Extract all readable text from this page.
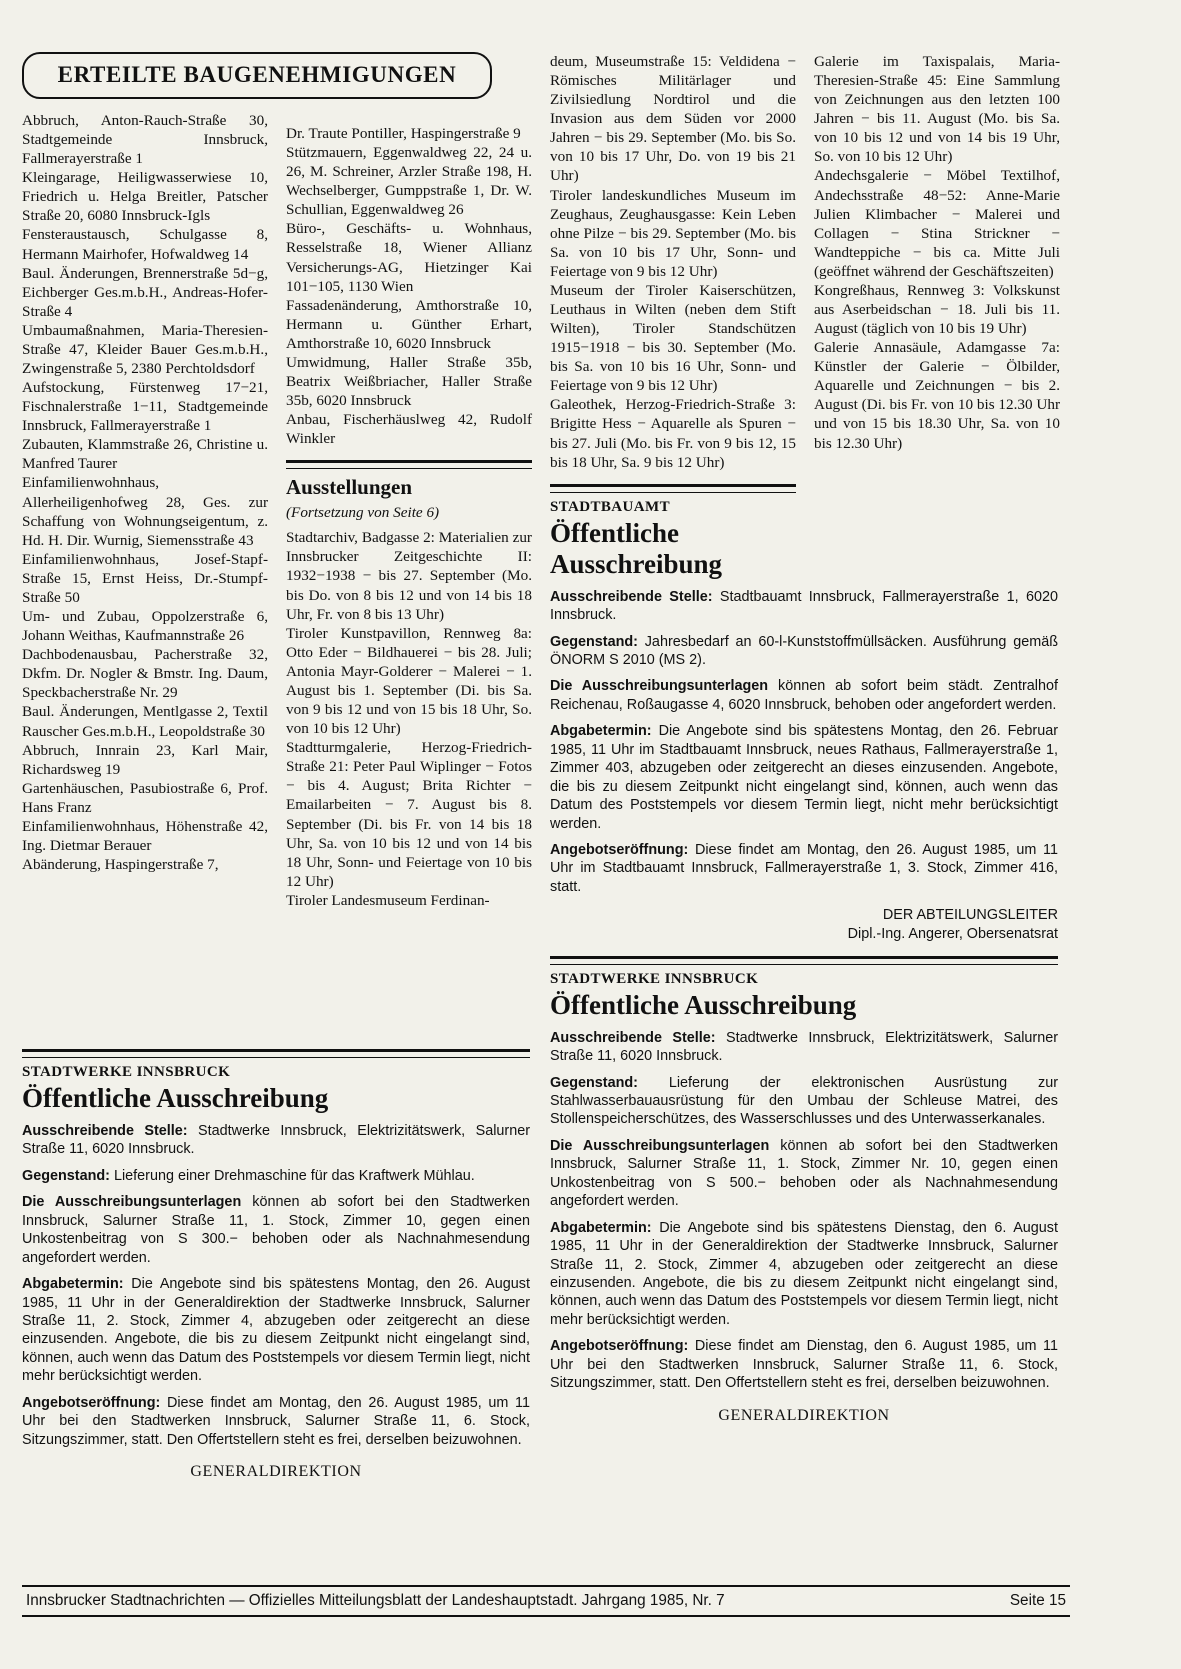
ERTEILTE BAUGENEHMIGUNGEN

Abbruch, Anton-Rauch-Straße 30, Stadtgemeinde Innsbruck, Fallmerayerstraße 1

Kleingarage, Heiligwasserwiese 10, Friedrich u. Helga Breitler, Patscher Straße 20, 6080 Innsbruck-Igls

Fensteraustausch, Schulgasse 8, Hermann Mairhofer, Hofwaldweg 14

Baul. Änderungen, Brennerstraße 5d−g, Eichberger Ges.m.b.H., Andreas-Hofer-Straße 4

Umbaumaßnahmen, Maria-Theresien-Straße 47, Kleider Bauer Ges.m.b.H., Zwingenstraße 5, 2380 Perchtoldsdorf

Aufstockung, Fürstenweg 17−21, Fischnalerstraße 1−11, Stadtgemeinde Innsbruck, Fallmerayerstraße 1

Zubauten, Klammstraße 26, Christine u. Manfred Taurer

Einfamilienwohnhaus, Allerheiligenhofweg 28, Ges. zur Schaffung von Wohnungseigentum, z. Hd. H. Dir. Wurnig, Siemensstraße 43

Einfamilienwohnhaus, Josef-Stapf-Straße 15, Ernst Heiss, Dr.-Stumpf-Straße 50

Um- und Zubau, Oppolzerstraße 6, Johann Weithas, Kaufmannstraße 26

Dachbodenausbau, Pacherstraße 32, Dkfm. Dr. Nogler & Bmstr. Ing. Daum, Speckbacherstraße Nr. 29

Baul. Änderungen, Mentlgasse 2, Textil Rauscher Ges.m.b.H., Leopoldstraße 30

Abbruch, Innrain 23, Karl Mair, Richardsweg 19

Gartenhäuschen, Pasubiostraße 6, Prof. Hans Franz

Einfamilienwohnhaus, Höhenstraße 42, Ing. Dietmar Berauer

Abänderung, Haspingerstraße 7,

Dr. Traute Pontiller, Haspingerstraße 9

Stützmauern, Eggenwaldweg 22, 24 u. 26, M. Schreiner, Arzler Straße 198, H. Wechselberger, Gumppstraße 1, Dr. W. Schullian, Eggenwaldweg 26

Büro-, Geschäfts- u. Wohnhaus, Resselstraße 18, Wiener Allianz Versicherungs-AG, Hietzinger Kai 101−105, 1130 Wien

Fassadenänderung, Amthorstraße 10, Hermann u. Günther Erhart, Amthorstraße 10, 6020 Innsbruck

Umwidmung, Haller Straße 35b, Beatrix Weißbriacher, Haller Straße 35b, 6020 Innsbruck

Anbau, Fischerhäuslweg 42, Rudolf Winkler

Ausstellungen
(Fortsetzung von Seite 6)

Stadtarchiv, Badgasse 2: Materialien zur Innsbrucker Zeitgeschichte II: 1932−1938 − bis 27. September (Mo. bis Do. von 8 bis 12 und von 14 bis 18 Uhr, Fr. von 8 bis 13 Uhr)

Tiroler Kunstpavillon, Rennweg 8a: Otto Eder − Bildhauerei − bis 28. Juli; Antonia Mayr-Golderer − Malerei − 1. August bis 1. September (Di. bis Sa. von 9 bis 12 und von 15 bis 18 Uhr, So. von 10 bis 12 Uhr)

Stadtturmgalerie, Herzog-Friedrich-Straße 21: Peter Paul Wiplinger − Fotos − bis 4. August; Brita Richter − Emailarbeiten − 7. August bis 8. September (Di. bis Fr. von 14 bis 18 Uhr, Sa. von 10 bis 12 und von 14 bis 18 Uhr, Sonn- und Feiertage von 10 bis 12 Uhr)

Tiroler Landesmuseum Ferdinan-

deum, Museumstraße 15: Veldidena − Römisches Militärlager und Zivilsiedlung Nordtirol und die Invasion aus dem Süden vor 2000 Jahren − bis 29. September (Mo. bis So. von 10 bis 17 Uhr, Do. von 19 bis 21 Uhr)

Tiroler landeskundliches Museum im Zeughaus, Zeughausgasse: Kein Leben ohne Pilze − bis 29. September (Mo. bis Sa. von 10 bis 17 Uhr, Sonn- und Feiertage von 9 bis 12 Uhr)

Museum der Tiroler Kaiserschützen, Leuthaus in Wilten (neben dem Stift Wilten), Tiroler Standschützen 1915−1918 − bis 30. September (Mo. bis Sa. von 10 bis 16 Uhr, Sonn- und Feiertage von 9 bis 12 Uhr)

Galeothek, Herzog-Friedrich-Straße 3: Brigitte Hess − Aquarelle als Spuren − bis 27. Juli (Mo. bis Fr. von 9 bis 12, 15 bis 18 Uhr, Sa. 9 bis 12 Uhr)

STADTBAUAMT
Öffentliche Ausschreibung

Ausschreibende Stelle: Stadtbauamt Innsbruck, Fallmerayerstraße 1, 6020 Innsbruck.

Gegenstand: Jahresbedarf an 60-l-Kunststoffmüllsäcken. Ausführung gemäß ÖNORM S 2010 (MS 2).

Die Ausschreibungsunterlagen können ab sofort beim städt. Zentralhof Reichenau, Roßaugasse 4, 6020 Innsbruck, behoben oder angefordert werden.

Abgabetermin: Die Angebote sind bis spätestens Montag, den 26. Februar 1985, 11 Uhr im Stadtbauamt Innsbruck, neues Rathaus, Fallmerayerstraße 1, Zimmer 403, abzugeben oder zeitgerecht an dieses einzusenden. Angebote, die bis zu diesem Zeitpunkt nicht eingelangt sind, können, auch wenn das Datum des Poststempels vor diesem Termin liegt, nicht mehr berücksichtigt werden.

Angebotseröffnung: Diese findet am Montag, den 26. August 1985, um 11 Uhr im Stadtbauamt Innsbruck, Fallmerayerstraße 1, 3. Stock, Zimmer 416, statt.

DER ABTEILUNGSLEITER
Dipl.-Ing. Angerer, Obersenatsrat
STADTWERKE INNSBRUCK
Öffentliche Ausschreibung

Ausschreibende Stelle: Stadtwerke Innsbruck, Elektrizitätswerk, Salurner Straße 11, 6020 Innsbruck.

Gegenstand: Lieferung der elektronischen Ausrüstung zur Stahlwasserbauausrüstung für den Umbau der Schleuse Matrei, des Stollenspeicherschützes, des Wasserschlusses und des Unterwasserkanales.

Die Ausschreibungsunterlagen können ab sofort bei den Stadtwerken Innsbruck, Salurner Straße 11, 1. Stock, Zimmer Nr. 10, gegen einen Unkostenbeitrag von S 500.− behoben oder als Nachnahmesendung angefordert werden.

Abgabetermin: Die Angebote sind bis spätestens Dienstag, den 6. August 1985, 11 Uhr in der Generaldirektion der Stadtwerke Innsbruck, Salurner Straße 11, 2. Stock, Zimmer 4, abzugeben oder zeitgerecht an diese einzusenden. Angebote, die bis zu diesem Zeitpunkt nicht eingelangt sind, können, auch wenn das Datum des Poststempels vor diesem Termin liegt, nicht mehr berücksichtigt werden.

Angebotseröffnung: Diese findet am Dienstag, den 6. August 1985, um 11 Uhr bei den Stadtwerken Innsbruck, Salurner Straße 11, 6. Stock, Sitzungszimmer, statt. Den Offertstellern steht es frei, derselben beizuwohnen.

GENERALDIREKTION

Galerie im Taxispalais, Maria-Theresien-Straße 45: Eine Sammlung von Zeichnungen aus den letzten 100 Jahren − bis 11. August (Mo. bis Sa. von 10 bis 12 und von 14 bis 19 Uhr, So. von 10 bis 12 Uhr)

Andechsgalerie − Möbel Textilhof, Andechsstraße 48−52: Anne-Marie Julien Klimbacher − Malerei und Collagen − Stina Strickner − Wandteppiche − bis ca. Mitte Juli (geöffnet während der Geschäftszeiten)

Kongreßhaus, Rennweg 3: Volkskunst aus Aserbeidschan − 18. Juli bis 11. August (täglich von 10 bis 19 Uhr)

Galerie Annasäule, Adamgasse 7a: Künstler der Galerie − Ölbilder, Aquarelle und Zeichnungen − bis 2. August (Di. bis Fr. von 10 bis 12.30 Uhr und von 15 bis 18.30 Uhr, Sa. von 10 bis 12.30 Uhr)

STADTWERKE INNSBRUCK
Öffentliche Ausschreibung

Ausschreibende Stelle: Stadtwerke Innsbruck, Elektrizitätswerk, Salurner Straße 11, 6020 Innsbruck.

Gegenstand: Lieferung einer Drehmaschine für das Kraftwerk Mühlau.

Die Ausschreibungsunterlagen können ab sofort bei den Stadtwerken Innsbruck, Salurner Straße 11, 1. Stock, Zimmer 10, gegen einen Unkostenbeitrag von S 300.− behoben oder als Nachnahmesendung angefordert werden.

Abgabetermin: Die Angebote sind bis spätestens Montag, den 26. August 1985, 11 Uhr in der Generaldirektion der Stadtwerke Innsbruck, Salurner Straße 11, 2. Stock, Zimmer 4, abzugeben oder zeitgerecht an diese einzusenden. Angebote, die bis zu diesem Zeitpunkt nicht eingelangt sind, können, auch wenn das Datum des Poststempels vor diesem Termin liegt, nicht mehr berücksichtigt werden.

Angebotseröffnung: Diese findet am Montag, den 26. August 1985, um 11 Uhr bei den Stadtwerken Innsbruck, Salurner Straße 11, 6. Stock, Sitzungszimmer, statt. Den Offertstellern steht es frei, derselben beizuwohnen.

GENERALDIREKTION
Innsbrucker Stadtnachrichten — Offizielles Mitteilungsblatt der Landeshauptstadt. Jahrgang 1985, Nr. 7	Seite 15
